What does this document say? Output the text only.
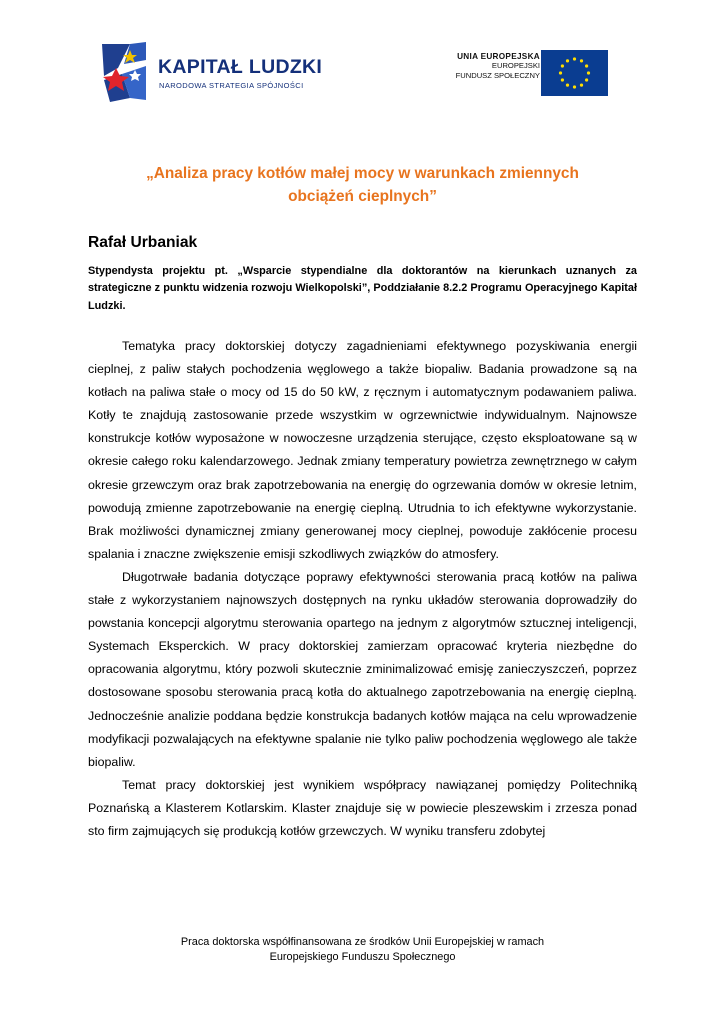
KAPITAŁ LUDZKI
NARODOWA STRATEGIA SPÓJNOŚCI
UNIA EUROPEJSKA
EUROPEJSKI
FUNDUSZ SPOŁECZNY
„Analiza pracy kotłów małej mocy w warunkach zmiennych
obciążeń cieplnych”
Rafał Urbaniak
Stypendysta projektu pt. „Wsparcie stypendialne dla doktorantów na kierunkach uznanych za strategiczne z punktu widzenia rozwoju Wielkopolski”, Poddziałanie 8.2.2 Programu Operacyjnego Kapitał Ludzki.

Tematyka pracy doktorskiej dotyczy zagadnieniami efektywnego pozyskiwania energii cieplnej, z paliw stałych pochodzenia węglowego a także biopaliw. Badania prowadzone są na kotłach na paliwa stałe o mocy od 15 do 50 kW, z ręcznym i automatycznym podawaniem paliwa. Kotły te znajdują zastosowanie przede wszystkim w ogrzewnictwie indywidualnym. Najnowsze konstrukcje kotłów wyposażone w nowoczesne urządzenia sterujące, często eksploatowane są w okresie całego roku kalendarzowego. Jednak zmiany temperatury powietrza zewnętrznego w całym okresie grzewczym oraz brak zapotrzebowania na energię do ogrzewania domów w okresie letnim, powodują zmienne zapotrzebowanie na energię cieplną. Utrudnia to ich efektywne wykorzystanie. Brak możliwości dynamicznej zmiany generowanej mocy cieplnej, powoduje zakłócenie procesu spalania i znaczne zwiększenie emisji szkodliwych związków do atmosfery.

Długotrwałe badania dotyczące poprawy efektywności sterowania pracą kotłów na paliwa stałe z wykorzystaniem najnowszych dostępnych na rynku układów sterowania doprowadziły do powstania koncepcji algorytmu sterowania opartego na jednym z algorytmów sztucznej inteligencji, Systemach Eksperckich. W pracy doktorskiej zamierzam opracować kryteria niezbędne do opracowania algorytmu, który pozwoli skutecznie zminimalizować emisję zanieczyszczeń, poprzez dostosowane sposobu sterowania pracą kotła do aktualnego zapotrzebowania na energię cieplną. Jednocześnie analizie poddana będzie konstrukcja badanych kotłów mająca na celu wprowadzenie modyfikacji pozwalających na efektywne spalanie nie tylko paliw pochodzenia węglowego ale także biopaliw.

Temat pracy doktorskiej jest wynikiem współpracy nawiązanej pomiędzy Politechniką Poznańską a Klasterem Kotlarskim. Klaster znajduje się w powiecie pleszewskim i zrzesza ponad sto firm zajmujących się produkcją kotłów grzewczych. W wyniku transferu zdobytej

Praca doktorska współfinansowana ze środków Unii Europejskiej w ramach
Europejskiego Funduszu Społecznego
